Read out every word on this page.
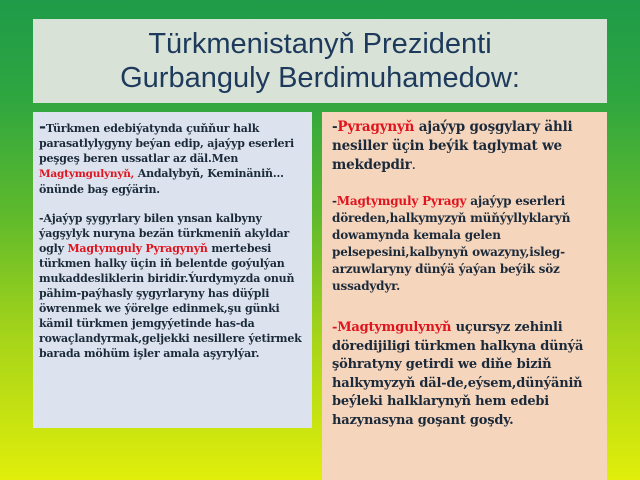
Türkmenistanyň Prezidenti
Gurbanguly Berdimuhamedow:

-Türkmen edebiýatynda çuňňur halk parasatlylygyny beýan edip, ajaýyp eserleri peşgeş beren ussatlar az däl.Men Magtymgulynyň, Andalybyň, Keminäniň... önünde baş egýärin.

-Ajaýyp şygyrlary bilen ynsan kalbyny ýagşylyk nuryna bezän türkmeniň akyldar ogly Magtymguly Pyragynyň mertebesi türkmen halky üçin iň belentde goýulýan mukaddesliklerin biridir.Ýurdymyzda onuň pähim-paýhasly şygyrlaryny has düýpli öwrenmek we ýörelge edinmek,şu günki kämil türkmen jemgyýetinde has-da rowaçlandyrmak,geljekki nesillere ýetirmek barada möhüm işler amala aşyrylýar.

-Pyragynyň ajaýyp goşgylary ähli nesiller üçin beýik taglymat we mekdepdir.

-Magtymguly Pyragy ajaýyp eserleri döreden,halkymyzyň müňýyllyklaryň dowamynda kemala gelen pelsepesini,kalbynyň owazyny,isleg-arzuwlaryny dünýä ýaýan beýik söz ussadydyr.

-Magtymgulynyň uçursyz zehinli döredijiligi türkmen halkyna dünýä şöhratyny getirdi we diňe biziň halkymyzyň däl-de,eýsem,dünýäniň beýleki halklarynyň hem edebi hazynasyna goşant goşdy.
